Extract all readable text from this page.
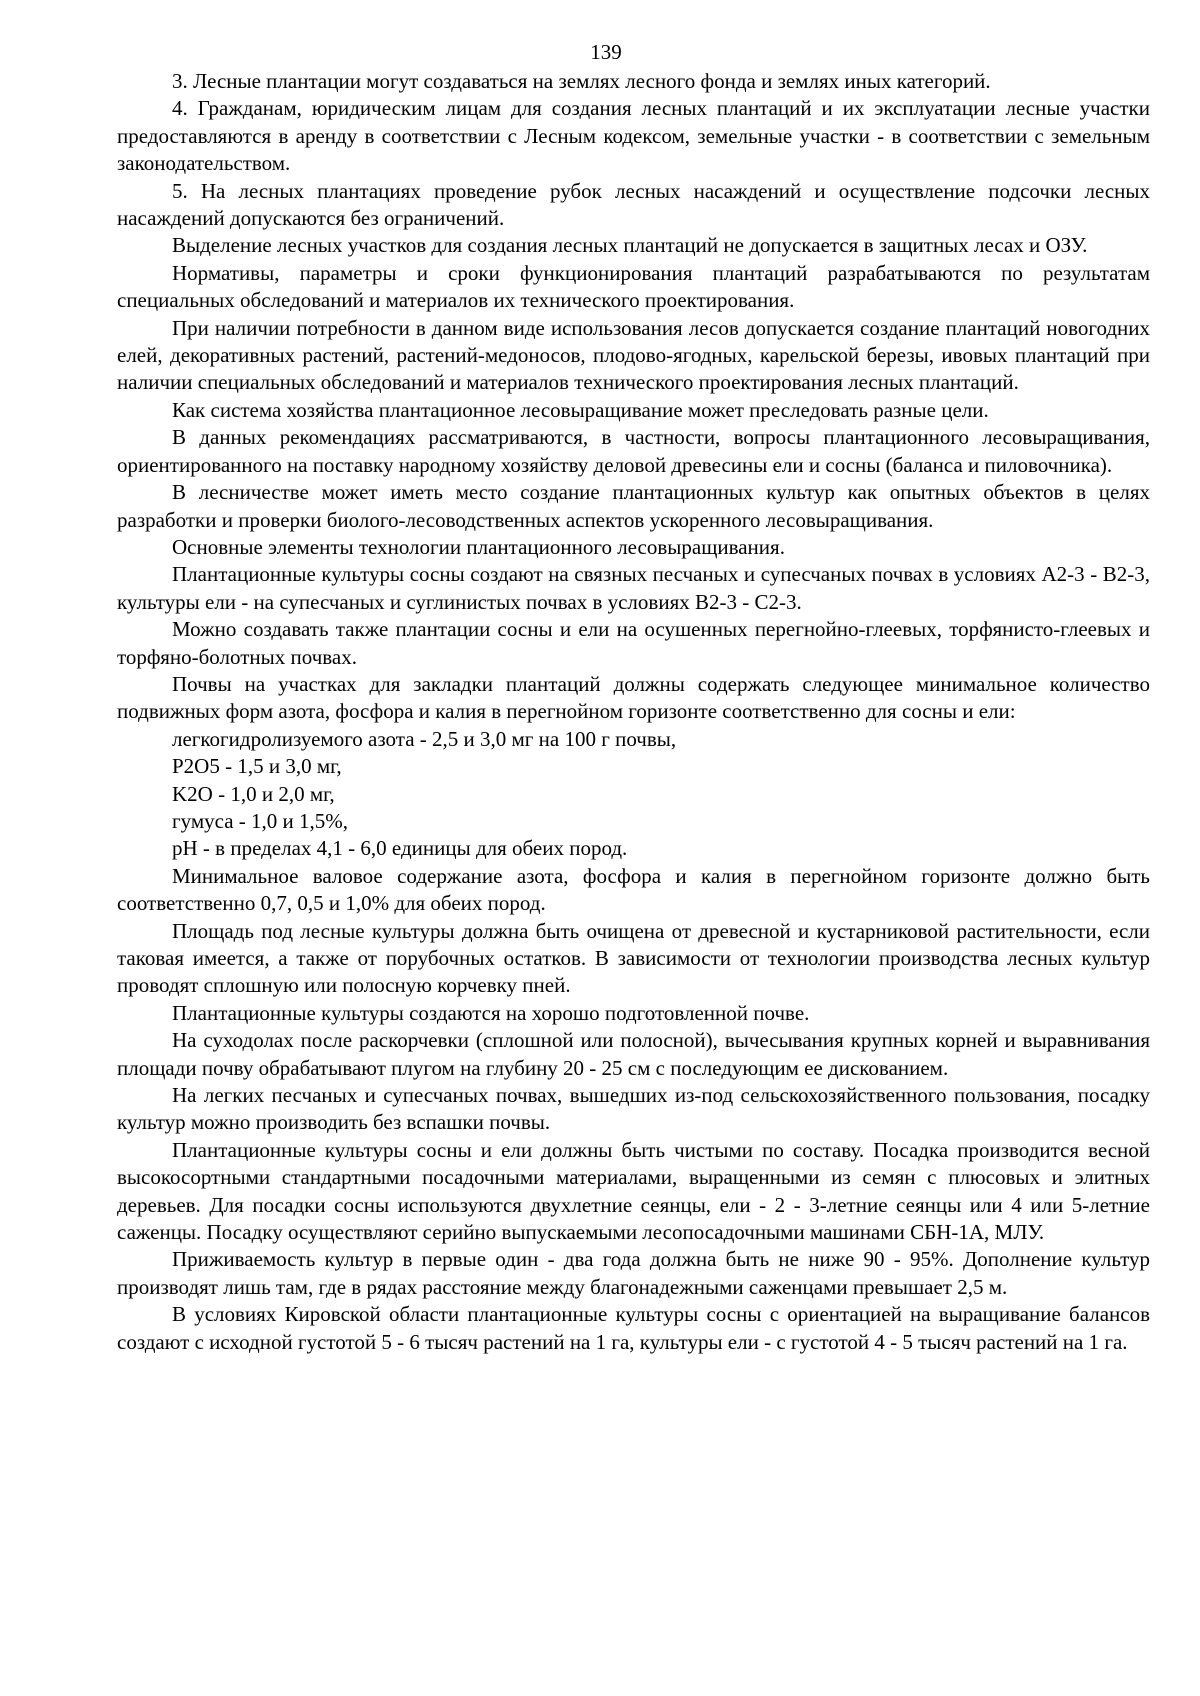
139

3. Лесные плантации могут создаваться на землях лесного фонда и землях иных категорий.

4. Гражданам, юридическим лицам для создания лесных плантаций и их эксплуатации лесные участки предоставляются в аренду в соответствии с Лесным кодексом, земельные участки - в соответствии с земельным законодательством.

5. На лесных плантациях проведение рубок лесных насаждений и осуществление подсочки лесных насаждений допускаются без ограничений.

Выделение лесных участков для создания лесных плантаций не допускается в защитных лесах и ОЗУ.

Нормативы, параметры и сроки функционирования плантаций разрабатываются по результатам специальных обследований и материалов их технического проектирования.

При наличии потребности в данном виде использования лесов допускается создание плантаций новогодних елей, декоративных растений, растений-медоносов, плодово-ягодных, карельской березы, ивовых плантаций при наличии специальных обследований и материалов технического проектирования лесных плантаций.

Как система хозяйства плантационное лесовыращивание может преследовать разные цели.

В данных рекомендациях рассматриваются, в частности, вопросы плантационного лесовыращивания, ориентированного на поставку народному хозяйству деловой древесины ели и сосны (баланса и пиловочника).

В лесничестве может иметь место создание плантационных культур как опытных объектов в целях разработки и проверки биолого-лесоводственных аспектов ускоренного лесовыращивания.

Основные элементы технологии плантационного лесовыращивания.

Плантационные культуры сосны создают на связных песчаных и супесчаных почвах в условиях А2-3 - В2-3, культуры ели - на супесчаных и суглинистых почвах в условиях В2-3 - С2-3.

Можно создавать также плантации сосны и ели на осушенных перегнойно-глеевых, торфянисто-глеевых и торфяно-болотных почвах.

Почвы на участках для закладки плантаций должны содержать следующее минимальное количество подвижных форм азота, фосфора и калия в перегнойном горизонте соответственно для сосны и ели:

легкогидролизуемого азота - 2,5 и 3,0 мг на 100 г почвы,

P2O5 - 1,5 и 3,0 мг,

K2O - 1,0 и 2,0 мг,

гумуса - 1,0 и 1,5%,

pH - в пределах 4,1 - 6,0 единицы для обеих пород.

Минимальное валовое содержание азота, фосфора и калия в перегнойном горизонте должно быть соответственно 0,7, 0,5 и 1,0% для обеих пород.

Площадь под лесные культуры должна быть очищена от древесной и кустарниковой растительности, если таковая имеется, а также от порубочных остатков. В зависимости от технологии производства лесных культур проводят сплошную или полосную корчевку пней.

Плантационные культуры создаются на хорошо подготовленной почве.

На суходолах после раскорчевки (сплошной или полосной), вычесывания крупных корней и выравнивания площади почву обрабатывают плугом на глубину 20 - 25 см с последующим ее дискованием.

На легких песчаных и супесчаных почвах, вышедших из-под сельскохозяйственного пользования, посадку культур можно производить без вспашки почвы.

Плантационные культуры сосны и ели должны быть чистыми по составу. Посадка производится весной высокосортными стандартными посадочными материалами, выращенными из семян с плюсовых и элитных деревьев. Для посадки сосны используются двухлетние сеянцы, ели - 2 - 3-летние сеянцы или 4 или 5-летние саженцы. Посадку осуществляют серийно выпускаемыми лесопосадочными машинами СБН-1А, МЛУ.

Приживаемость культур в первые один - два года должна быть не ниже 90 - 95%. Дополнение культур производят лишь там, где в рядах расстояние между благонадежными саженцами превышает 2,5 м.

В условиях Кировской области плантационные культуры сосны с ориентацией на выращивание балансов создают с исходной густотой 5 - 6 тысяч растений на 1 га, культуры ели - с густотой 4 - 5 тысяч растений на 1 га.
